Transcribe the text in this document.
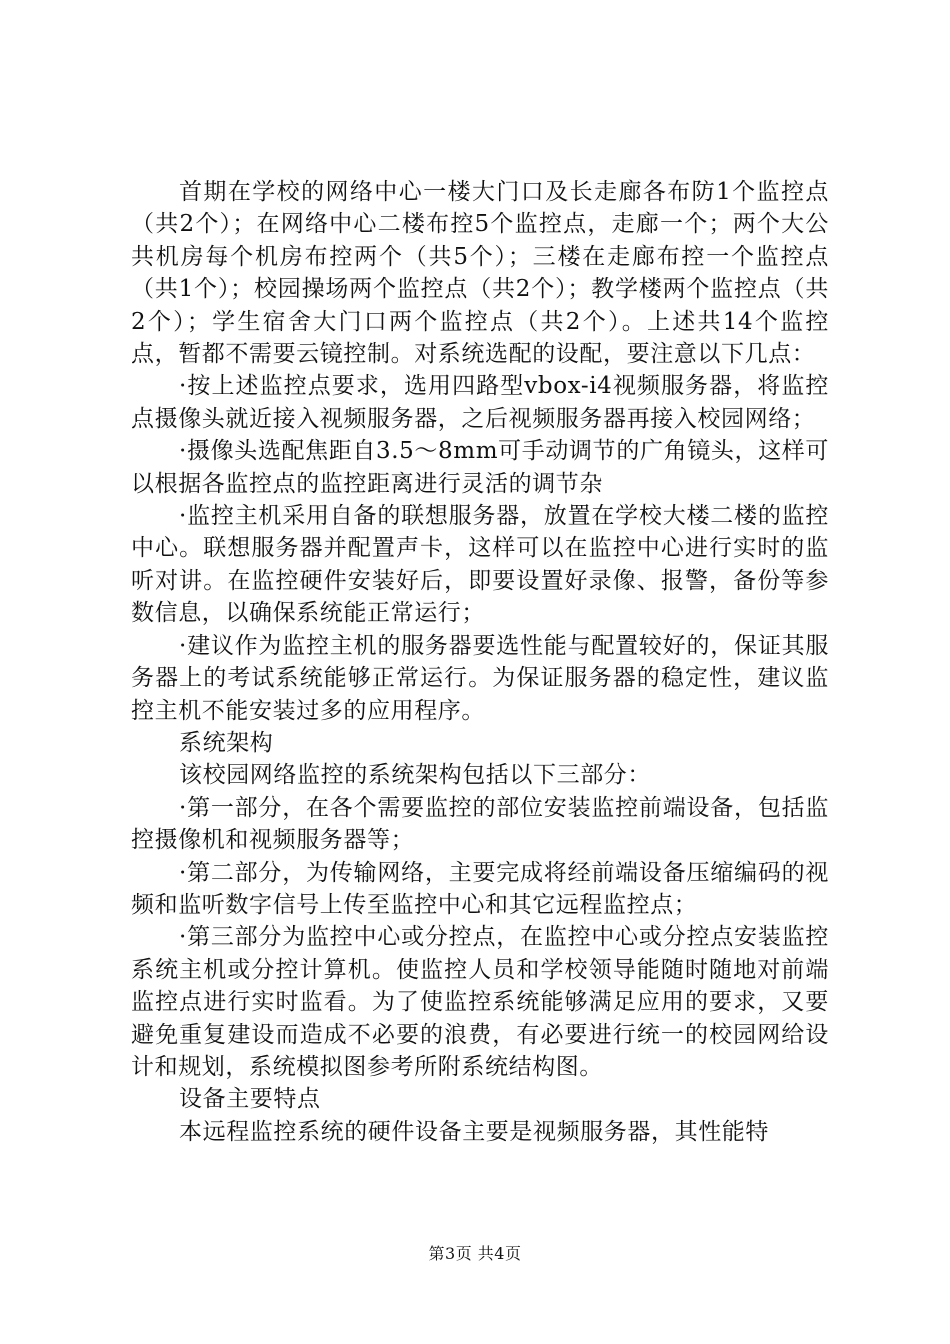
首期在学校的网络中心一楼大门口及长走廊各布防1个监控点（共2个）；在网络中心二楼布控5个监控点，走廊一个；两个大公共机房每个机房布控两个（共5个）；三楼在走廊布控一个监控点（共1个）；校园操场两个监控点（共2个）；教学楼两个监控点（共2个）；学生宿舍大门口两个监控点（共2个）。上述共14个监控点，暂都不需要云镜控制。对系统选配的设配，要注意以下几点：

·按上述监控点要求，选用四路型vbox-i4视频服务器，将监控点摄像头就近接入视频服务器，之后视频服务器再接入校园网络；

·摄像头选配焦距自3.5～8mm可手动调节的广角镜头，这样可以根据各监控点的监控距离进行灵活的调节杂

·监控主机采用自备的联想服务器，放置在学校大楼二楼的监控中心。联想服务器并配置声卡，这样可以在监控中心进行实时的监听对讲。在监控硬件安装好后，即要设置好录像、报警，备份等参数信息，以确保系统能正常运行；

·建议作为监控主机的服务器要选性能与配置较好的，保证其服务器上的考试系统能够正常运行。为保证服务器的稳定性，建议监控主机不能安装过多的应用程序。

系统架构

该校园网络监控的系统架构包括以下三部分：

·第一部分，在各个需要监控的部位安装监控前端设备，包括监控摄像机和视频服务器等；

·第二部分，为传输网络，主要完成将经前端设备压缩编码的视频和监听数字信号上传至监控中心和其它远程监控点；

·第三部分为监控中心或分控点，在监控中心或分控点安装监控系统主机或分控计算机。使监控人员和学校领导能随时随地对前端监控点进行实时监看。为了使监控系统能够满足应用的要求，又要避免重复建设而造成不必要的浪费，有必要进行统一的校园网给设计和规划，系统模拟图参考所附系统结构图。

设备主要特点

本远程监控系统的硬件设备主要是视频服务器，其性能特

第3页 共4页
